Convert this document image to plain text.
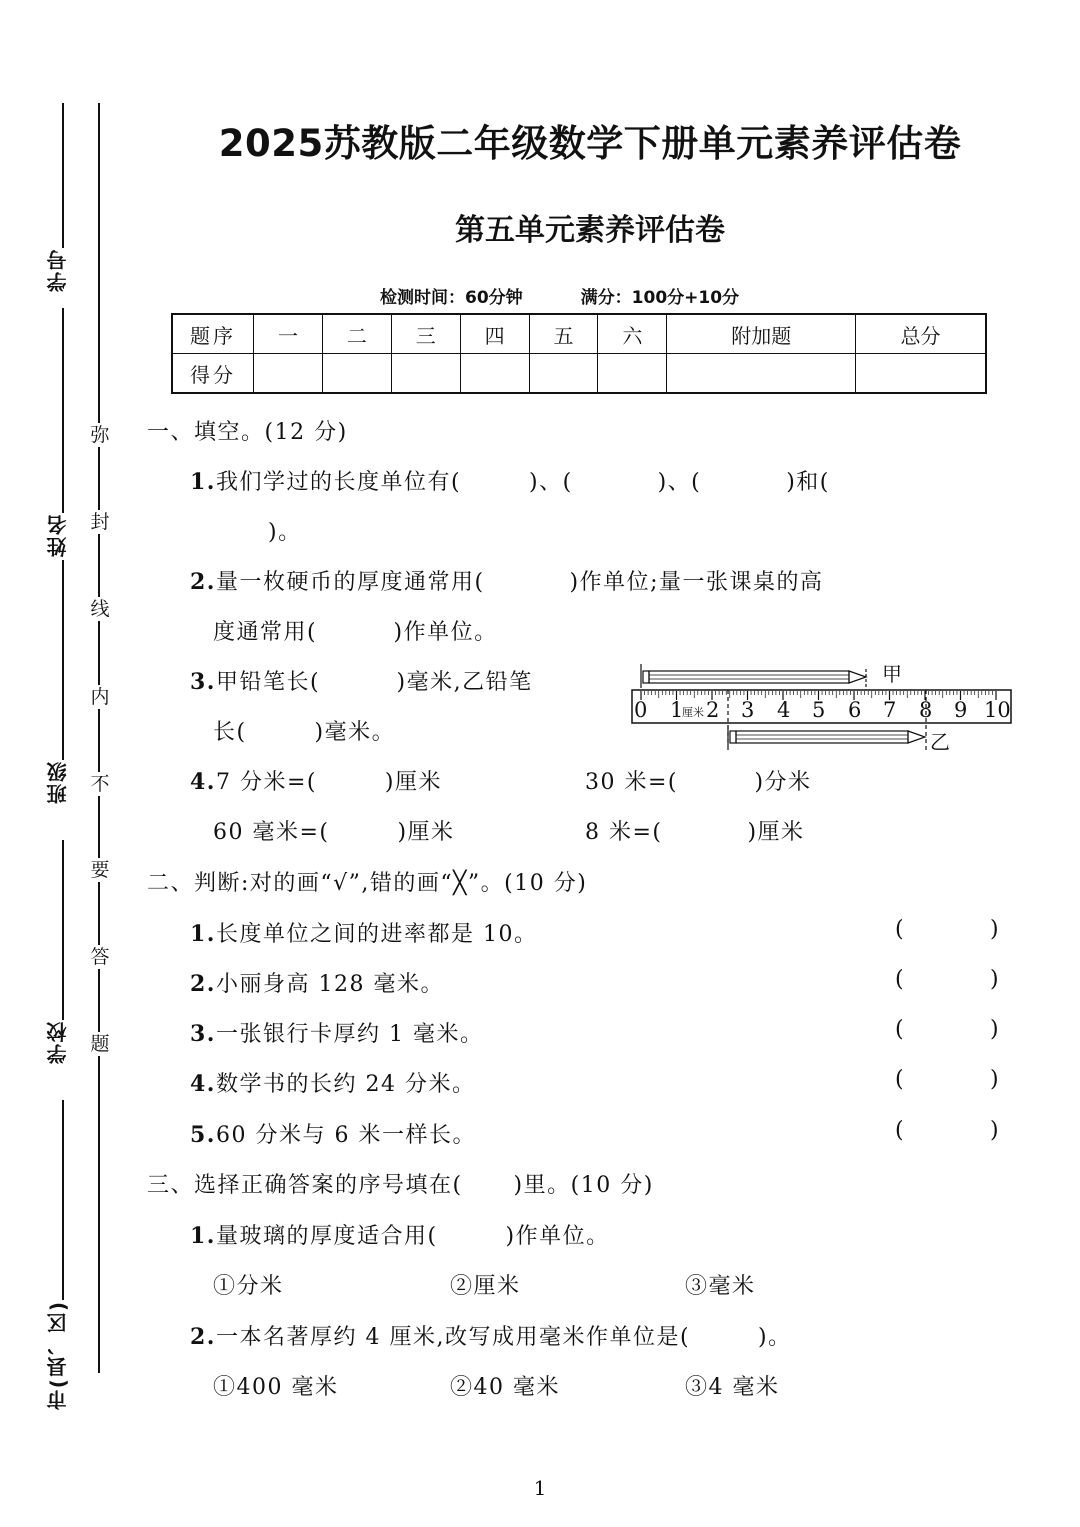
学号
姓名
班级
学校
市(县、区)
弥
封
线
内
不
要
答
题
2025苏教版二年级数学下册单元素养评估卷
第五单元素养评估卷
检测时间：60分钟	满分：100分+10分
题序	一	二	三	四	五	六	附加题	总分
得分								
一、填空。(12 分)
1.我们学过的长度单位有(        )、(          )、(          )和(
)。
2.量一枚硬币的厚度通常用(          )作单位;量一张课桌的高
度通常用(         )作单位。
3.甲铅笔长(         )毫米,乙铅笔
长(        )毫米。
甲
乙
0 1
厘米 2 3 4 5 6 7 8 9 10
4.7 分米=(        )厘米	30 米=(         )分米
60 毫米=(        )厘米	8 米=(          )厘米
二、判断:对的画“√”,错的画“╳”。(10 分)
1.长度单位之间的进率都是 10。	(          )
2.小丽身高 128 毫米。	(          )
3.一张银行卡厚约 1 毫米。	(          )
4.数学书的长约 24 分米。	(          )
5.60 分米与 6 米一样长。	(          )
三、选择正确答案的序号填在(      )里。(10 分)
1.量玻璃的厚度适合用(        )作单位。
①分米	②厘米	③毫米
2.一本名著厚约 4 厘米,改写成用毫米作单位是(        )。
①400 毫米	②40 毫米	③4 毫米
1
